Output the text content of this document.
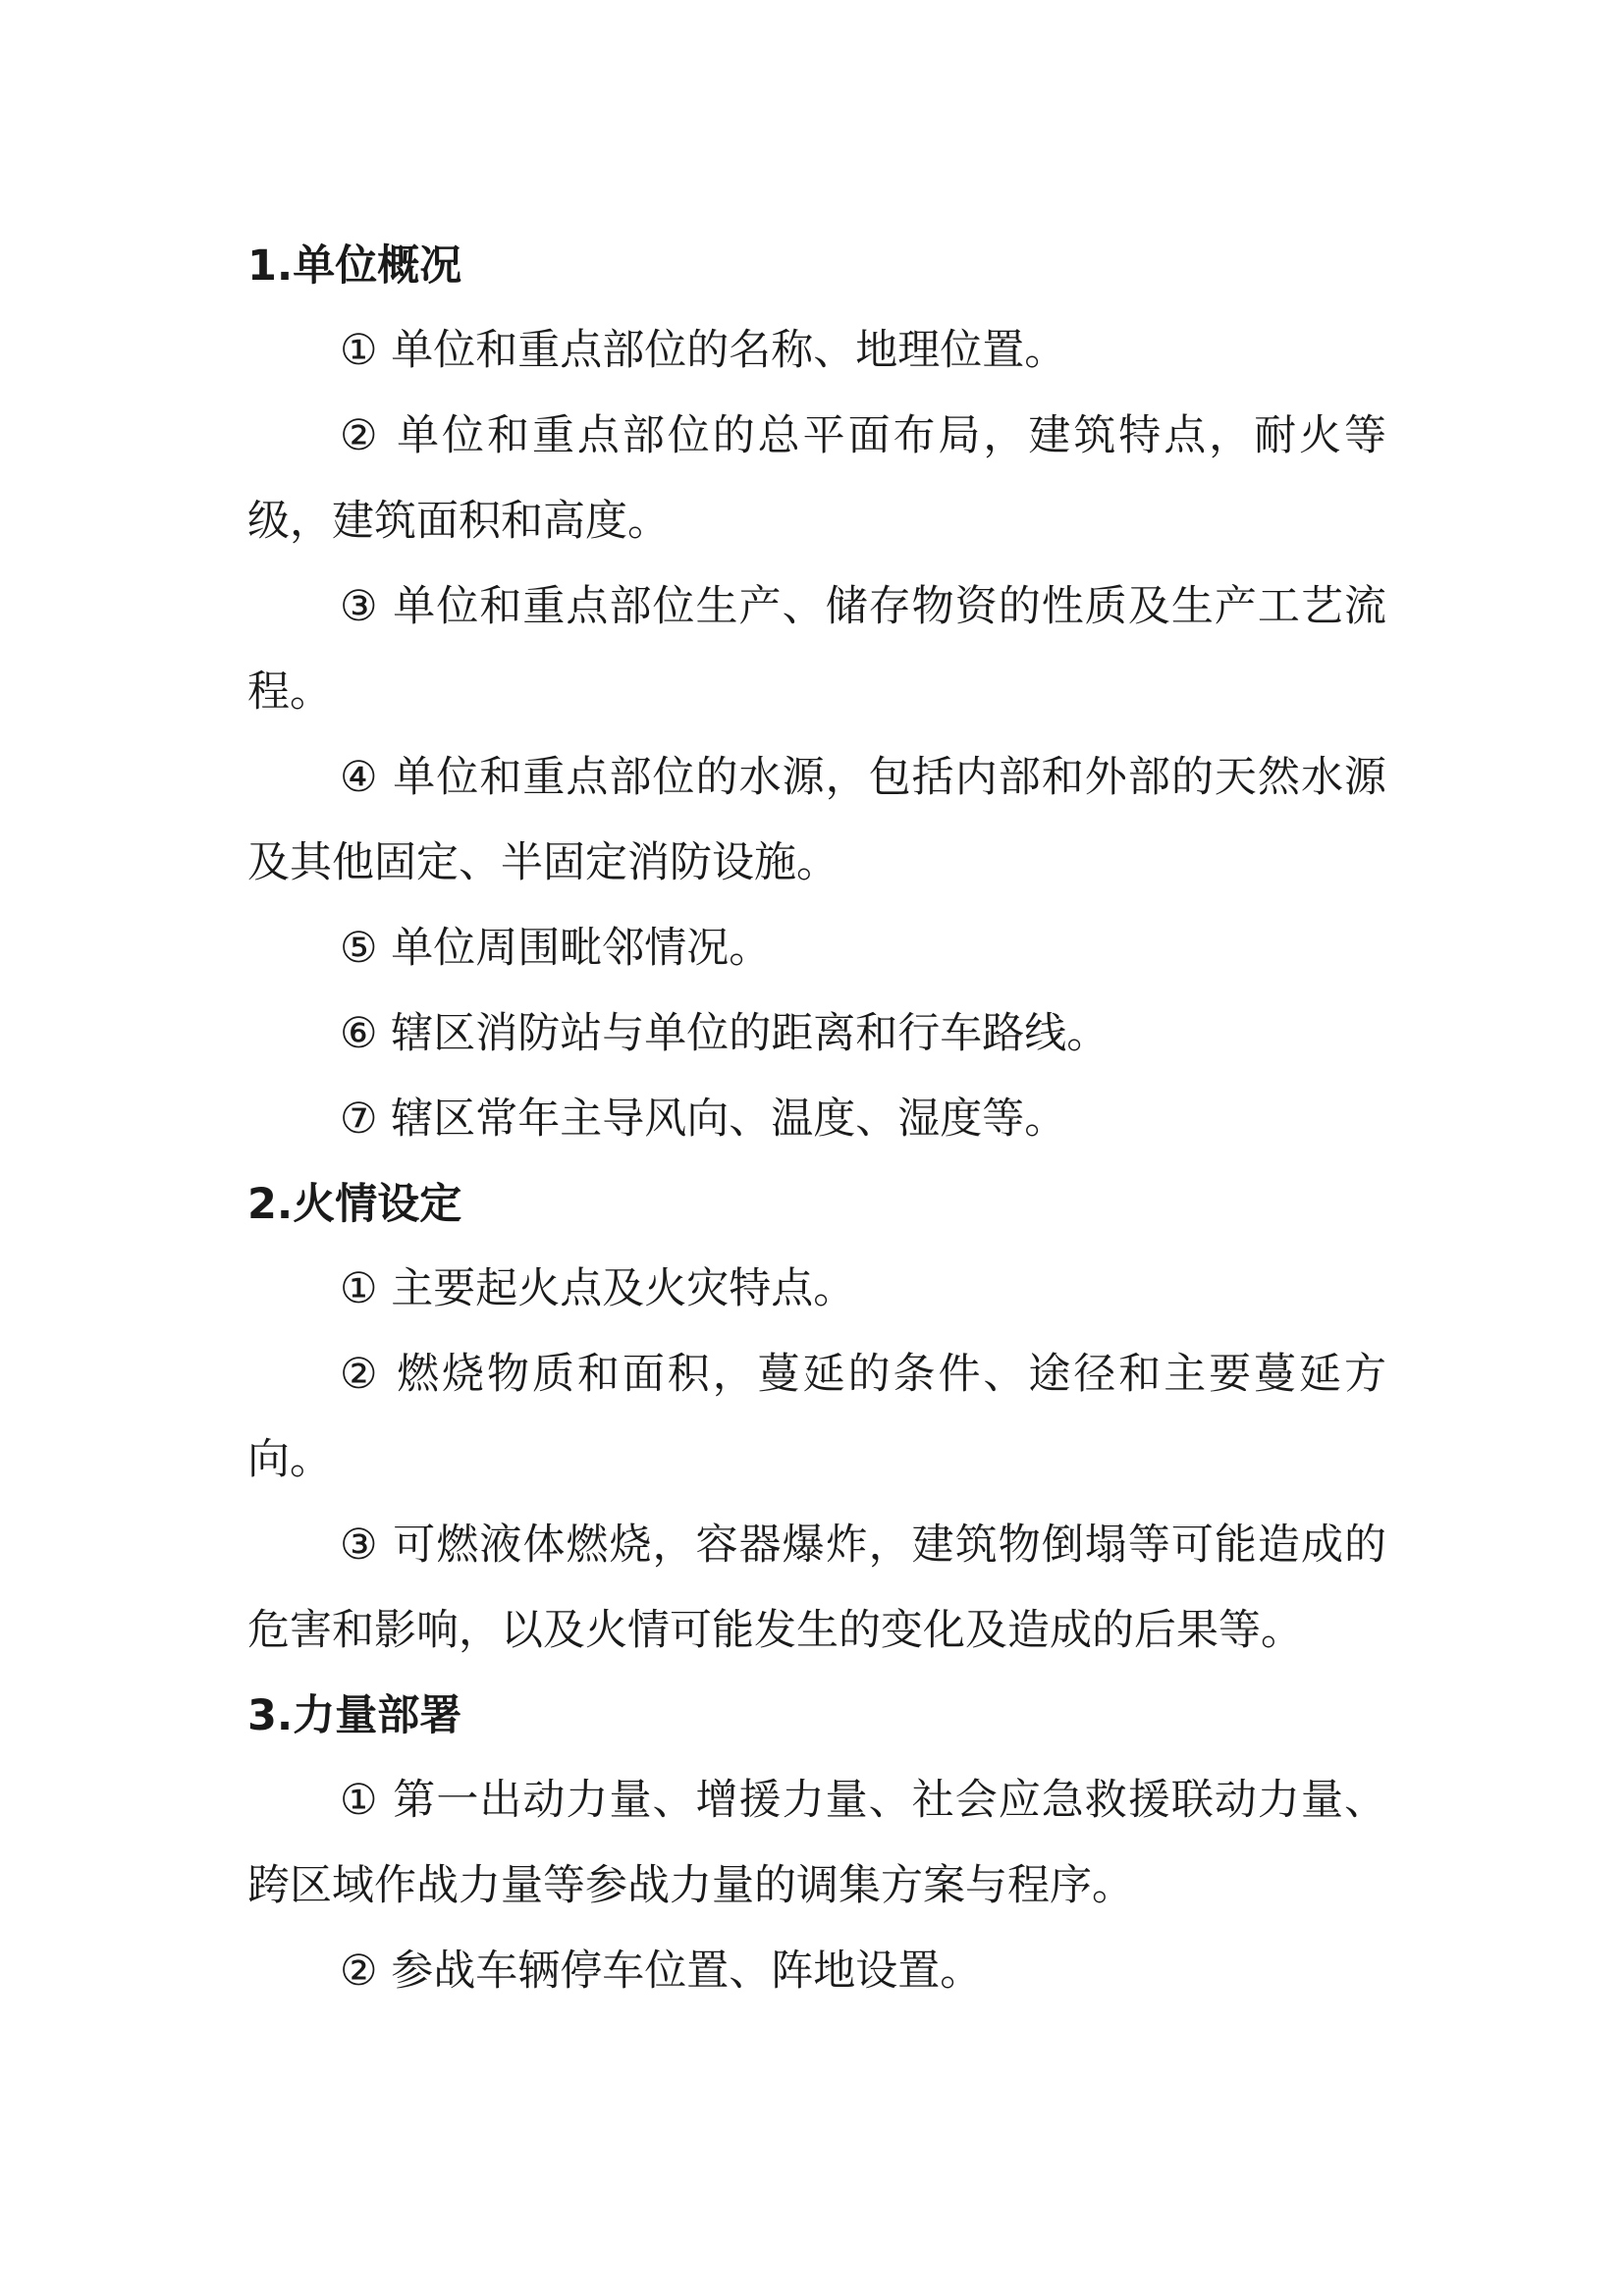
1.单位概况

① 单位和重点部位的名称、地理位置。

② 单位和重点部位的总平面布局，建筑特点，耐火等级，建筑面积和高度。

③ 单位和重点部位生产、储存物资的性质及生产工艺流程。

④ 单位和重点部位的水源，包括内部和外部的天然水源及其他固定、半固定消防设施。

⑤ 单位周围毗邻情况。

⑥ 辖区消防站与单位的距离和行车路线。

⑦ 辖区常年主导风向、温度、湿度等。

2.火情设定

① 主要起火点及火灾特点。

② 燃烧物质和面积，蔓延的条件、途径和主要蔓延方向。

③ 可燃液体燃烧，容器爆炸，建筑物倒塌等可能造成的危害和影响，以及火情可能发生的变化及造成的后果等。

3.力量部署

① 第一出动力量、增援力量、社会应急救援联动力量、跨区域作战力量等参战力量的调集方案与程序。

② 参战车辆停车位置、阵地设置。
